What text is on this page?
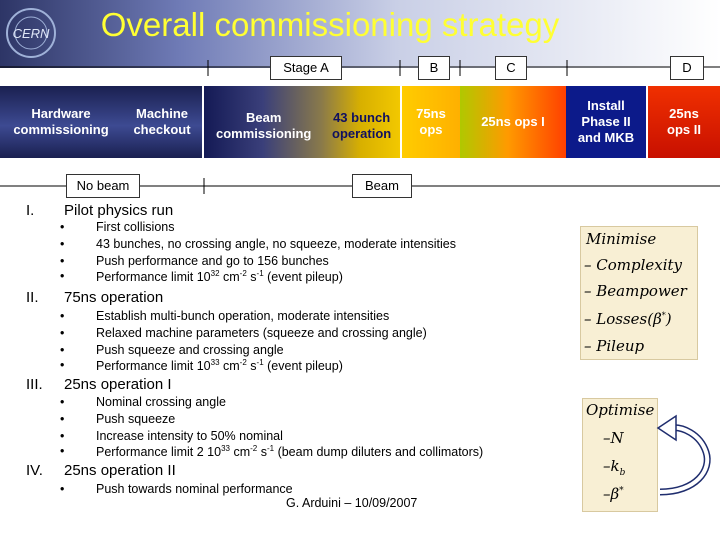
CERN	Overall commissioning strategy
Stage A	B	C	D
Hardware
commissioning
Machine
checkout
Beam
commissioning
43 bunch
operation
75ns
ops
25ns ops I
Install
Phase II
and MKB
25ns
ops II
No beam	Beam
I. Pilot physics run
•	First collisions
•	43 bunches, no crossing angle, no squeeze, moderate intensities
•	Push performance and go to 156 bunches
•	Performance limit $10^{32}$ $cm^{-2}$ $s^{-1}$ (event pileup)
II. 75ns operation
•	Establish multi-bunch operation, moderate intensities
•	Relaxed machine parameters (squeeze and crossing angle)
•	Push squeeze and crossing angle
•	Performance limit $10^{33}$ $cm^{-2}$ $s^{-1}$ (event pileup)
III. 25ns operation I
•	Nominal crossing angle
•	Push squeeze
•	Increase intensity to 50% nominal
•	Performance limit 2 $10^{33}$ $cm^{-2}$ $s^{-1}$ (beam dump diluters and collimators)
IV. 25ns operation II
•	Push towards nominal performance
G. Arduini – 10/09/2007
Minimise
– Complexity
– Beampower
– Losses(β*)
– Pileup
Optimise
–N
$-k_b$
–β*
